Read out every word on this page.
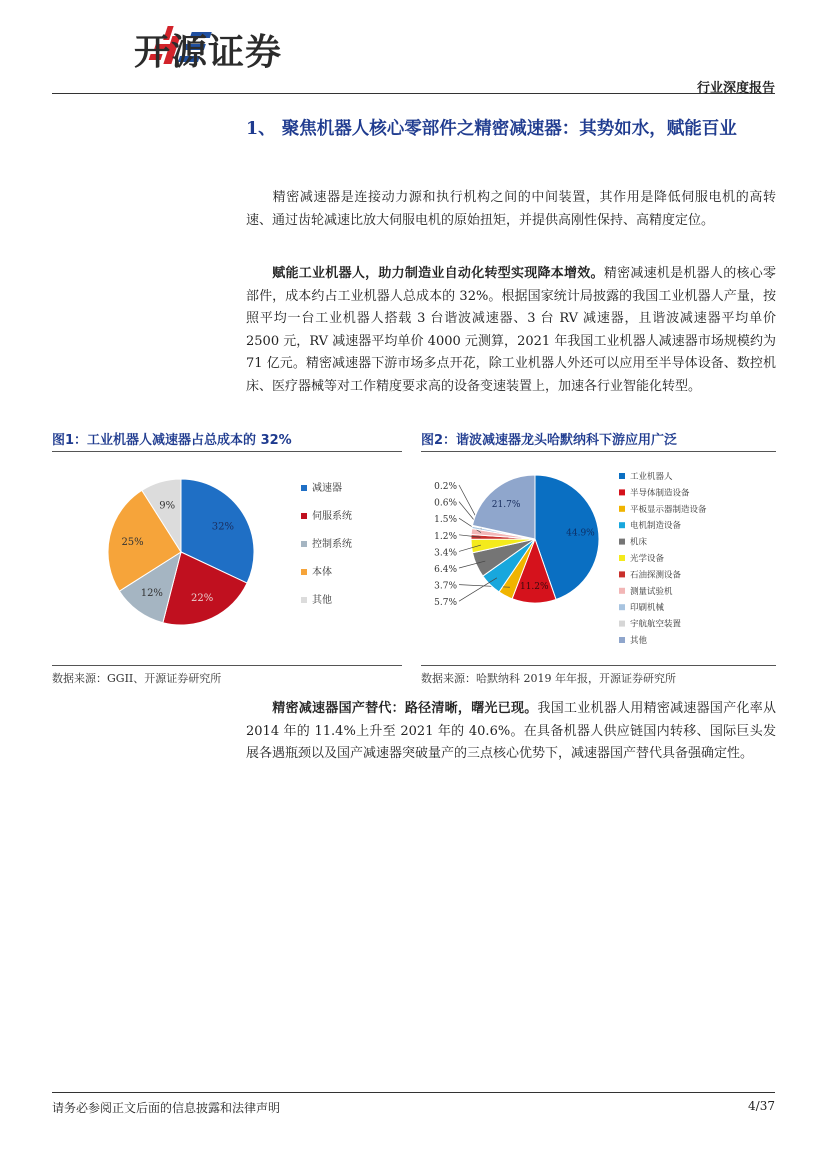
开源证券
行业深度报告
1、 聚焦机器人核心零部件之精密减速器：其势如水，赋能百业
精密减速器是连接动力源和执行机构之间的中间装置，其作用是降低伺服电机的高转速、通过齿轮减速比放大伺服电机的原始扭矩，并提供高刚性保持、高精度定位。
赋能工业机器人，助力制造业自动化转型实现降本增效。精密减速机是机器人的核心零部件，成本约占工业机器人总成本的 32%。根据国家统计局披露的我国工业机器人产量，按照平均一台工业机器人搭载 3 台谐波减速器、3 台 RV 减速器，且谐波减速器平均单价 2500 元，RV 减速器平均单价 4000 元测算，2021 年我国工业机器人减速器市场规模约为 71 亿元。精密减速器下游市场多点开花，除工业机器人外还可以应用至半导体设备、数控机床、医疗器械等对工作精度要求高的设备变速装置上，加速各行业智能化转型。
图1：工业机器人减速器占总成本的 32%	图2：谐波减速器龙头哈默纳科下游应用广泛
32%
22%
12%
25%
9%
减速器
伺服系统
控制系统
本体
其他
44.9%
11.2%
3.7%
5.7%
6.4%
3.4%
1.2%
1.5%
0.6%
0.2%
21.7%
工业机器人
半导体制造设备
平板显示器制造设备
电机制造设备
机床
光学设备
石油探测设备
测量试验机
印刷机械
宇航航空装置
其他
数据来源：GGII、开源证券研究所	数据来源：哈默纳科 2019 年年报，开源证券研究所
精密减速器国产替代：路径清晰，曙光已现。我国工业机器人用精密减速器国产化率从 2014 年的 11.4%上升至 2021 年的 40.6%。在具备机器人供应链国内转移、国际巨头发展各遇瓶颈以及国产减速器突破量产的三点核心优势下，减速器国产替代具备强确定性。
请务必参阅正文后面的信息披露和法律声明	4/37
